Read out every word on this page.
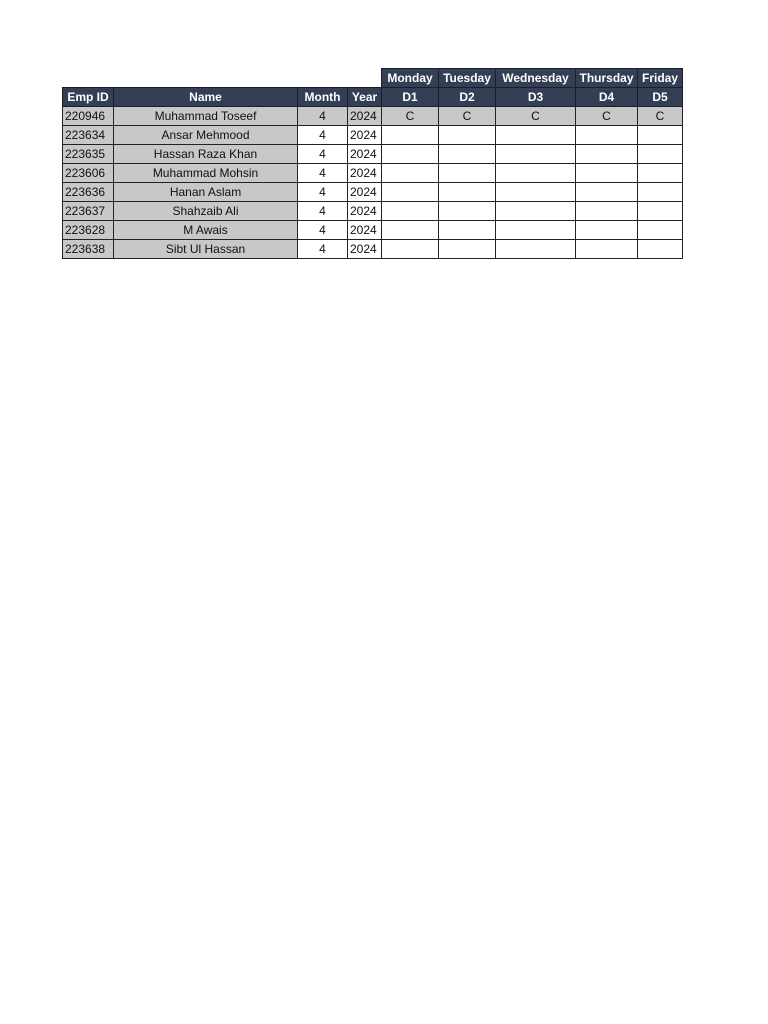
				Monday	Tuesday	Wednesday	Thursday	Friday
Emp ID	Name	Month	Year	D1	D2	D3	D4	D5
220946	Muhammad Toseef	4	2024	C	C	C	C	C
223634	Ansar Mehmood	4	2024					
223635	Hassan Raza Khan	4	2024					
223606	Muhammad Mohsin	4	2024					
223636	Hanan Aslam	4	2024					
223637	Shahzaib Ali	4	2024					
223628	M Awais	4	2024					
223638	Sibt Ul Hassan	4	2024					
